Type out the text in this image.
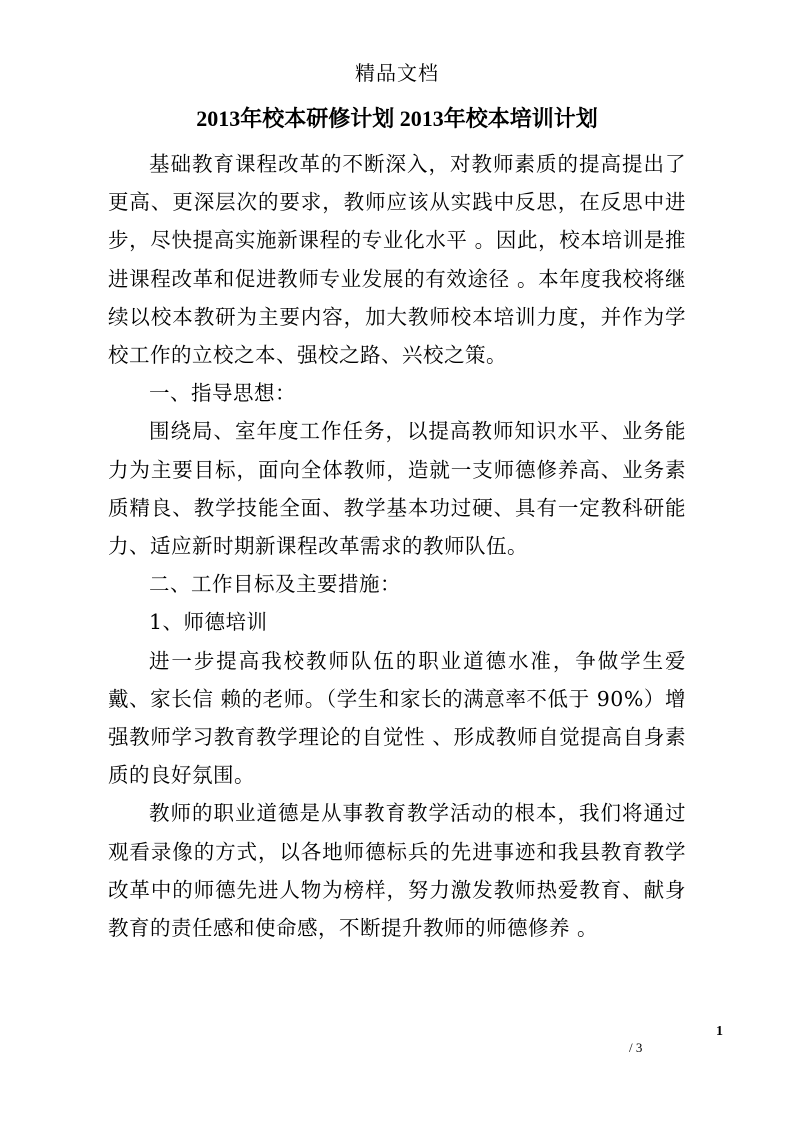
精品文档
2013年校本研修计划 2013年校本培训计划

基础教育课程改革的不断深入，对教师素质的提高提出了更高、更深层次的要求，教师应该从实践中反思，在反思中进步，尽快提高实施新课程的专业化水平 。因此，校本培训是推进课程改革和促进教师专业发展的有效途径 。本年度我校将继续以校本教研为主要内容，加大教师校本培训力度，并作为学校工作的立校之本、强校之路、兴校之策。

一、指导思想：

围绕局、室年度工作任务，以提高教师知识水平、业务能力为主要目标，面向全体教师，造就一支师德修养高、业务素质精良、教学技能全面、教学基本功过硬、具有一定教科研能力、适应新时期新课程改革需求的教师队伍。

二、工作目标及主要措施：

1、师德培训

进一步提高我校教师队伍的职业道德水准，争做学生爱戴、家长信 赖的老师。（学生和家长的满意率不低于 90%）增强教师学习教育教学理论的自觉性 、形成教师自觉提高自身素质的良好氛围。

教师的职业道德是从事教育教学活动的根本，我们将通过观看录像的方式，以各地师德标兵的先进事迹和我县教育教学改革中的师德先进人物为榜样，努力激发教师热爱教育、献身教育的责任感和使命感，不断提升教师的师德修养 。

1
/ 3
